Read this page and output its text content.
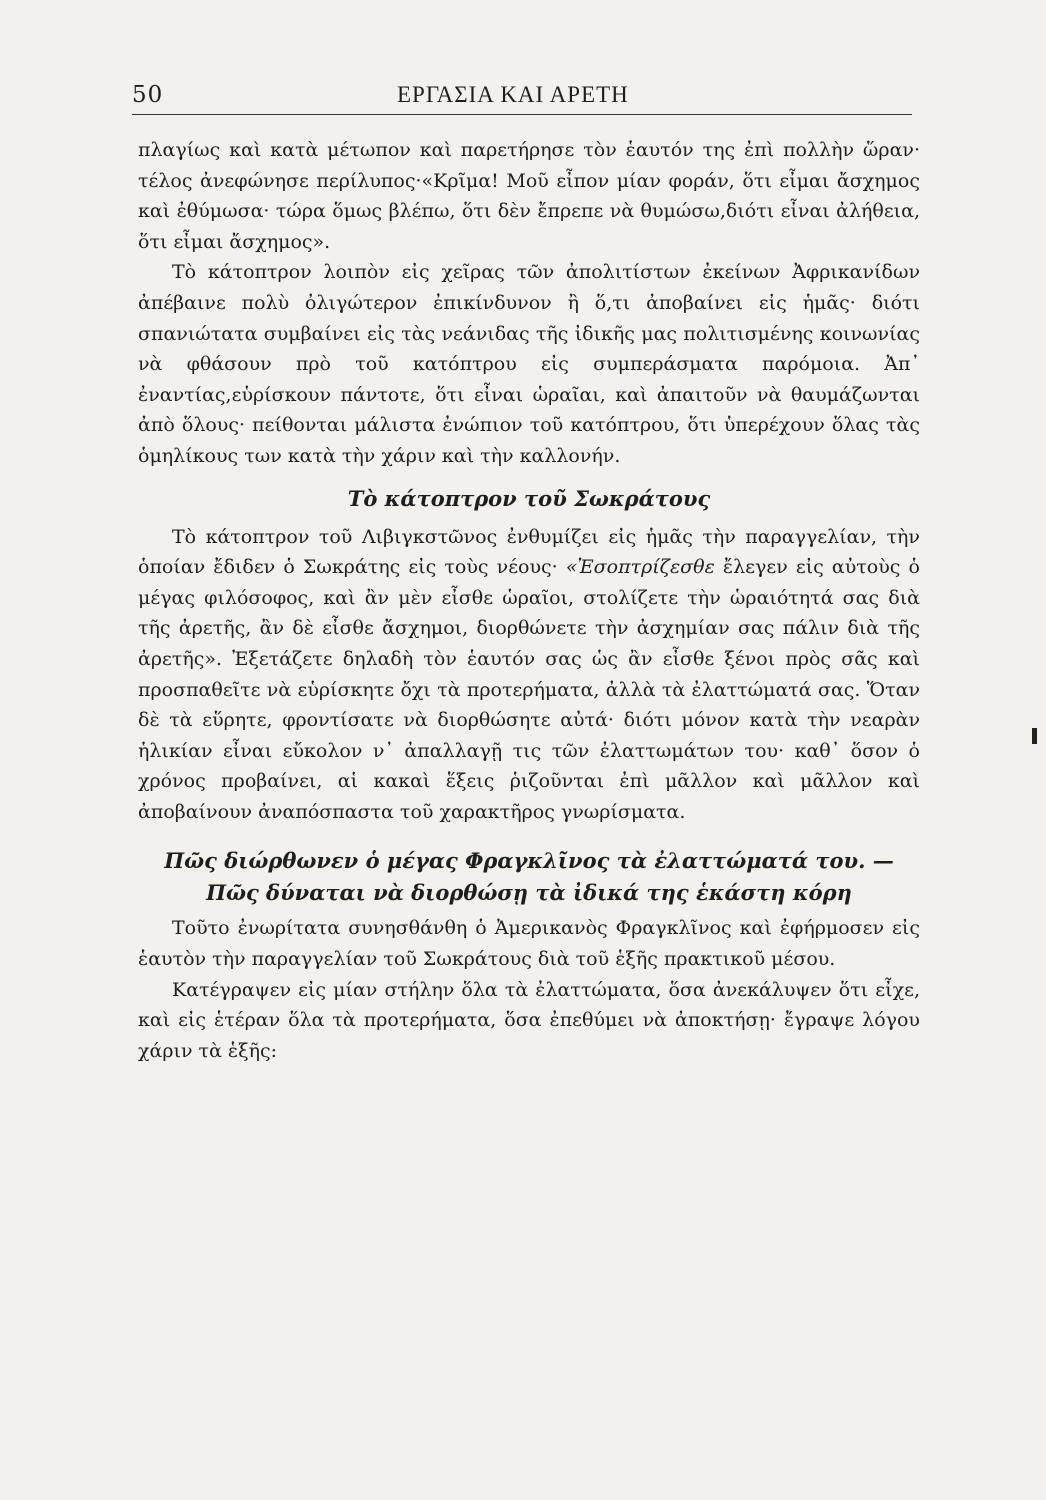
50	ΕΡΓΑΣΙΑ ΚΑΙ ΑΡΕΤΗ

πλαγίως καὶ κατὰ μέτωπον καὶ παρετήρησε τὸν ἑαυτόν της ἐπὶ πολλὴν ὥραν· τέλος ἀνεφώνησε περίλυπος·«Κρῖμα! Μοῦ εἶπον μίαν φοράν, ὅτι εἶμαι ἄσχημος καὶ ἐθύμωσα· τώρα ὅμως βλέπω, ὅτι δὲν ἔπρεπε νὰ θυμώσω,διότι εἶναι ἀλήθεια, ὅτι εἶμαι ἄσχημος».

Τὸ κάτοπτρον λοιπὸν εἰς χεῖρας τῶν ἀπολιτίστων ἐκείνων Ἀφρικανίδων ἀπέβαινε πολὺ ὀλιγώτερον ἐπικίνδυνον ἢ ὅ,τι ἀποβαίνει εἰς ἡμᾶς· διότι σπανιώτατα συμβαίνει εἰς τὰς νεάνιδας τῆς ἰδικῆς μας πολιτισμένης κοινωνίας νὰ φθάσουν πρὸ τοῦ κατόπτρου εἰς συμπεράσματα παρόμοια. Ἀπ᾽ ἐναντίας,εὑρίσκουν πάντοτε, ὅτι εἶναι ὡραῖαι, καὶ ἀπαιτοῦν νὰ θαυμάζωνται ἀπὸ ὅλους· πείθονται μάλιστα ἐνώπιον τοῦ κατόπτρου, ὅτι ὑπερέχουν ὅλας τὰς ὁμηλίκους των κατὰ τὴν χάριν καὶ τὴν καλλονήν.

Τὸ κάτοπτρον τοῦ Σωκράτους

Τὸ κάτοπτρον τοῦ Λιβιγκστῶνος ἐνθυμίζει εἰς ἡμᾶς τὴν παραγγελίαν, τὴν ὁποίαν ἔδιδεν ὁ Σωκράτης εἰς τοὺς νέους· «Ἐσοπτρίζεσθε ἔλεγεν εἰς αὐτοὺς ὁ μέγας φιλόσοφος, καὶ ἂν μὲν εἶσθε ὡραῖοι, στολίζετε τὴν ὡραιότητά σας διὰ τῆς ἀρετῆς, ἂν δὲ εἶσθε ἄσχημοι, διορθώνετε τὴν ἀσχημίαν σας πάλιν διὰ τῆς ἀρετῆς». Ἐξετάζετε δηλαδὴ τὸν ἑαυτόν σας ὡς ἂν εἶσθε ξένοι πρὸς σᾶς καὶ προσπαθεῖτε νὰ εὑρίσκητε ὄχι τὰ προτερήματα, ἀλλὰ τὰ ἐλαττώματά σας. Ὅταν δὲ τὰ εὕρητε, φροντίσατε νὰ διορθώσητε αὐτά· διότι μόνον κατὰ τὴν νεαρὰν ἡλικίαν εἶναι εὔκολον ν᾽ ἀπαλλαγῇ τις τῶν ἐλαττωμάτων του· καθ᾽ ὅσον ὁ χρόνος προβαίνει, αἱ κακαὶ ἕξεις ῥιζοῦνται ἐπὶ μᾶλλον καὶ μᾶλλον καὶ ἀποβαίνουν ἀναπόσπαστα τοῦ χαρακτῆρος γνωρίσματα.

Πῶς διώρθωνεν ὁ μέγας Φραγκλῖνος τὰ ἐλαττώματά του. — Πῶς δύναται νὰ διορθώσῃ τὰ ἰδικά της ἑκάστη κόρη

Τοῦτο ἐνωρίτατα συνησθάνθη ὁ Ἀμερικανὸς Φραγκλῖνος καὶ ἐφήρμοσεν εἰς ἑαυτὸν τὴν παραγγελίαν τοῦ Σωκράτους διὰ τοῦ ἑξῆς πρακτικοῦ μέσου.

Κατέγραψεν εἰς μίαν στήλην ὅλα τὰ ἐλαττώματα, ὅσα ἀνεκάλυψεν ὅτι εἶχε, καὶ εἰς ἑτέραν ὅλα τὰ προτερήματα, ὅσα ἐπεθύμει νὰ ἀποκτήσῃ· ἔγραψε λόγου χάριν τὰ ἑξῆς:
